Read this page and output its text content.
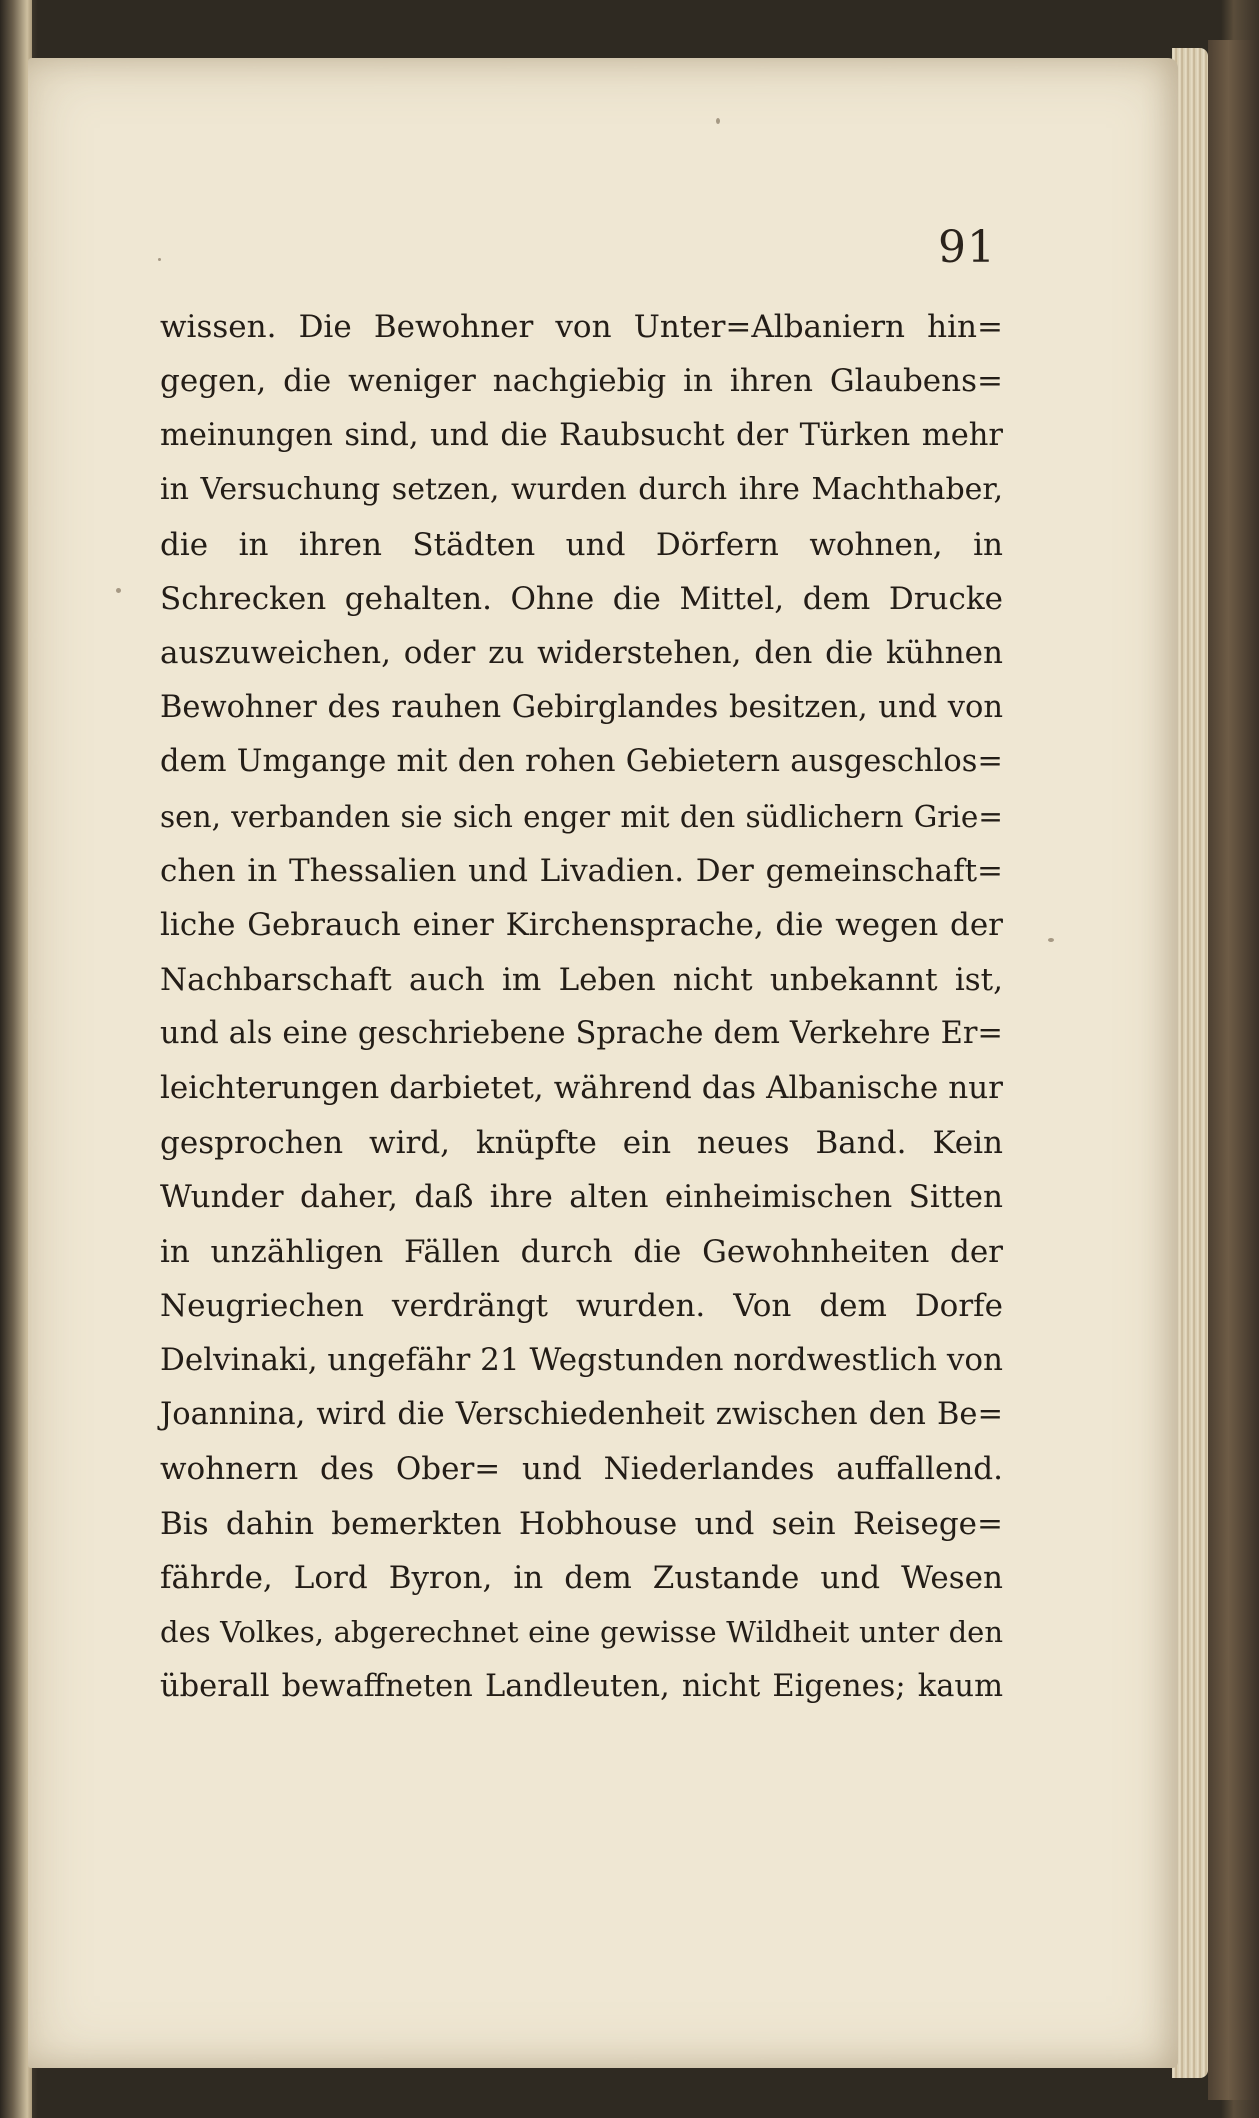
91
wissen. Die Bewohner von Unter=Albaniern hin=
gegen, die weniger nachgiebig in ihren Glaubens=
meinungen sind, und die Raubsucht der Türken mehr
in Versuchung setzen, wurden durch ihre Machthaber,
die in ihren Städten und Dörfern wohnen, in
Schrecken gehalten. Ohne die Mittel, dem Drucke
auszuweichen, oder zu widerstehen, den die kühnen
Bewohner des rauhen Gebirglandes besitzen, und von
dem Umgange mit den rohen Gebietern ausgeschlos=
sen, verbanden sie sich enger mit den südlichern Grie=
chen in Thessalien und Livadien. Der gemeinschaft=
liche Gebrauch einer Kirchensprache, die wegen der
Nachbarschaft auch im Leben nicht unbekannt ist,
und als eine geschriebene Sprache dem Verkehre Er=
leichterungen darbietet, während das Albanische nur
gesprochen wird, knüpfte ein neues Band. Kein
Wunder daher, daß ihre alten einheimischen Sitten
in unzähligen Fällen durch die Gewohnheiten der
Neugriechen verdrängt wurden. Von dem Dorfe
Delvinaki, ungefähr 21 Wegstunden nordwestlich von
Joannina, wird die Verschiedenheit zwischen den Be=
wohnern des Ober= und Niederlandes auffallend.
Bis dahin bemerkten Hobhouse und sein Reisege=
fährde, Lord Byron, in dem Zustande und Wesen
des Volkes, abgerechnet eine gewisse Wildheit unter den
überall bewaffneten Landleuten, nicht Eigenes; kaum
